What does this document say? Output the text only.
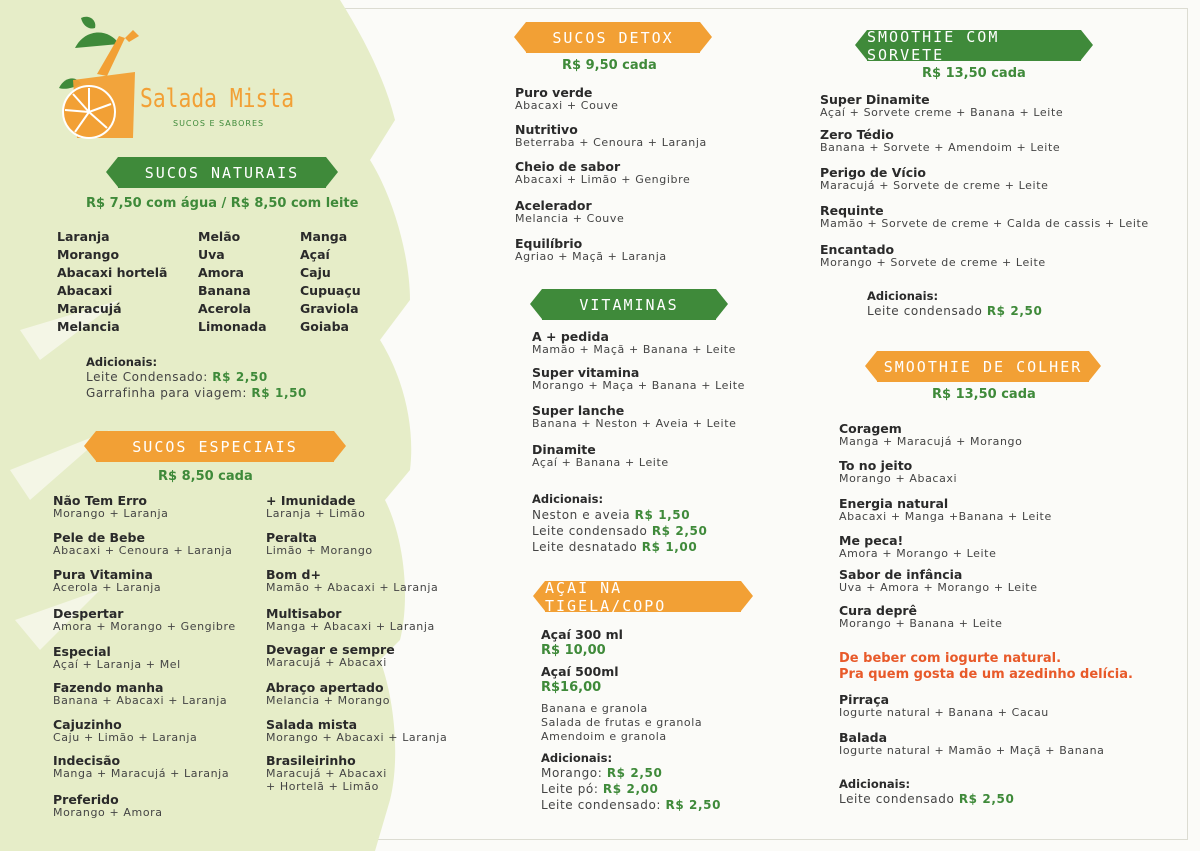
Salada Mista
SUCOS E SABORES
SUCOS NATURAIS
R$ 7,50 com água / R$ 8,50 com leite
Laranja
Morango
Abacaxi hortelã
Abacaxi
Maracujá
Melancia
Melão
Uva
Amora
Banana
Acerola
Limonada
Manga
Açaí
Caju
Cupuaçu
Graviola
Goiaba
Adicionais:
Leite Condensado: R$ 2,50
Garrafinha para viagem: R$ 1,50
SUCOS ESPECIAIS
R$ 8,50 cada
Não Tem Erro
Morango + Laranja
Pele de Bebe
Abacaxi + Cenoura + Laranja
Pura Vitamina
Acerola + Laranja
Despertar
Amora + Morango + Gengibre
Especial
Açaí + Laranja + Mel
Fazendo manha
Banana + Abacaxi + Laranja
Cajuzinho
Caju + Limão + Laranja
Indecisão
Manga + Maracujá + Laranja
Preferido
Morango + Amora
+ Imunidade
Laranja + Limão
Peralta
Limão + Morango
Bom d+
Mamão + Abacaxi + Laranja
Multisabor
Manga + Abacaxi + Laranja
Devagar e sempre
Maracujá + Abacaxi
Abraço apertado
Melancia + Morango
Salada mista
Morango + Abacaxi + Laranja
Brasileirinho
Maracujá + Abacaxi
+ Hortelã + Limão
SUCOS DETOX
R$ 9,50 cada
Puro verde
Abacaxi + Couve
Nutritivo
Beterraba + Cenoura + Laranja
Cheio de sabor
Abacaxi + Limão + Gengibre
Acelerador
Melancia + Couve
Equilíbrio
Agriao + Maçã + Laranja
VITAMINAS
A + pedida
Mamão + Maçã + Banana + Leite
Super vitamina
Morango + Maça + Banana + Leite
Super lanche
Banana + Neston + Aveia + Leite
Dinamite
Açaí + Banana + Leite
Adicionais:
Neston e aveia R$ 1,50
Leite condensado R$ 2,50
Leite desnatado R$ 1,00
AÇAI NA TIGELA/COPO
Açaí 300 ml
R$ 10,00
Açaí 500ml
R$16,00
Banana e granola
Salada de frutas e granola
Amendoim e granola
Adicionais:
Morango: R$ 2,50
Leite pó: R$ 2,00
Leite condensado: R$ 2,50
SMOOTHIE COM SORVETE
R$ 13,50 cada
Super Dinamite
Açaí + Sorvete creme + Banana + Leite
Zero Tédio
Banana + Sorvete + Amendoim + Leite
Perigo de Vício
Maracujá + Sorvete de creme + Leite
Requinte
Mamão + Sorvete de creme + Calda de cassis + Leite
Encantado
Morango + Sorvete de creme + Leite
Adicionais:
Leite condensado R$ 2,50
SMOOTHIE DE COLHER
R$ 13,50 cada
Coragem
Manga + Maracujá + Morango
To no jeito
Morango + Abacaxi
Energia natural
Abacaxi + Manga +Banana + Leite
Me peca!
Amora + Morango + Leite
Sabor de infância
Uva + Amora + Morango + Leite
Cura deprê
Morango + Banana + Leite
De beber com iogurte natural.
Pra quem gosta de um azedinho delícia.
Pirraça
Iogurte natural + Banana + Cacau
Balada
Iogurte natural + Mamão + Maçã + Banana
Adicionais:
Leite condensado R$ 2,50
